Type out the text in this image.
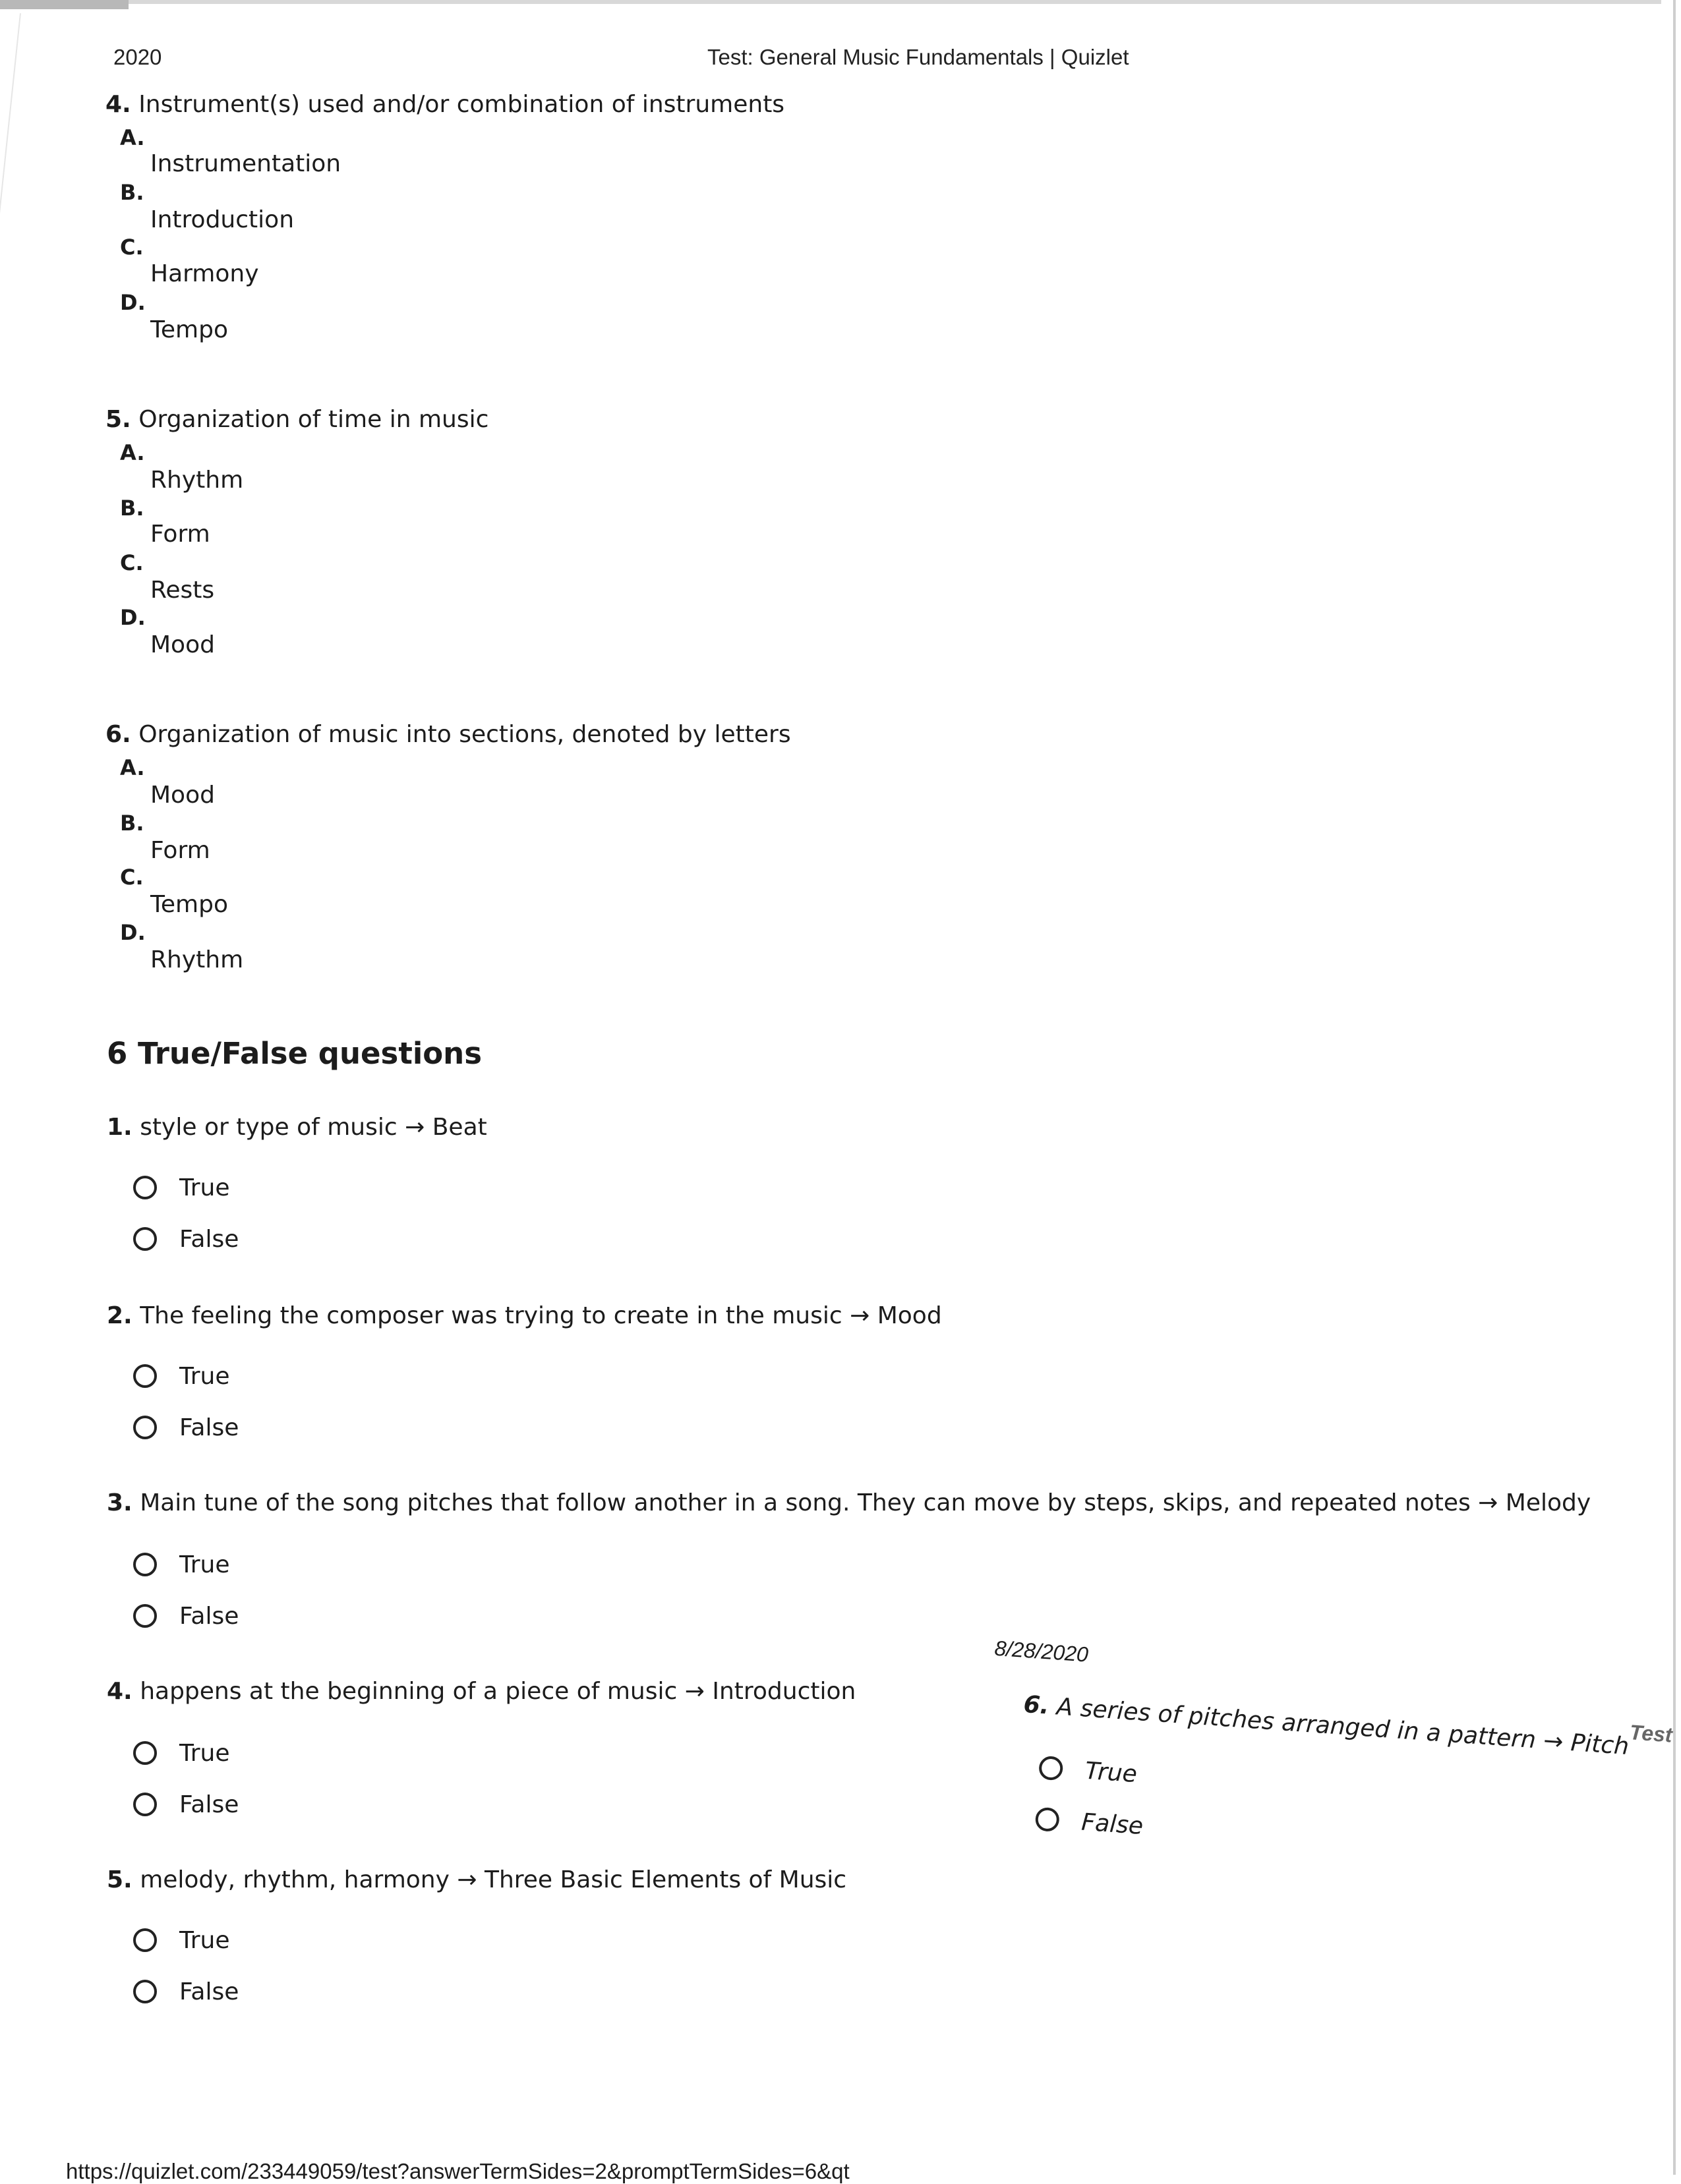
2020	Test: General Music Fundamentals | Quizlet
4. Instrument(s) used and/or combination of instruments
A.
Instrumentation
B.
Introduction
C.
Harmony
D.
Tempo
5. Organization of time in music
A.
Rhythm
B.
Form
C.
Rests
D.
Mood
6. Organization of music into sections, denoted by letters
A.
Mood
B.
Form
C.
Tempo
D.
Rhythm
6 True/False questions
1. style or type of music → Beat
True
False
2. The feeling the composer was trying to create in the music → Mood
True
False
3. Main tune of the song pitches that follow another in a song. They can move by steps, skips, and repeated notes → Melody
True
False
4. happens at the beginning of a piece of music → Introduction
True
False
5. melody, rhythm, harmony → Three Basic Elements of Music
True
False
8/28/2020
Test
6. A series of pitches arranged in a pattern → Pitch
True
False
https://quizlet.com/233449059/test?answerTermSides=2&promptTermSides=6&qt
